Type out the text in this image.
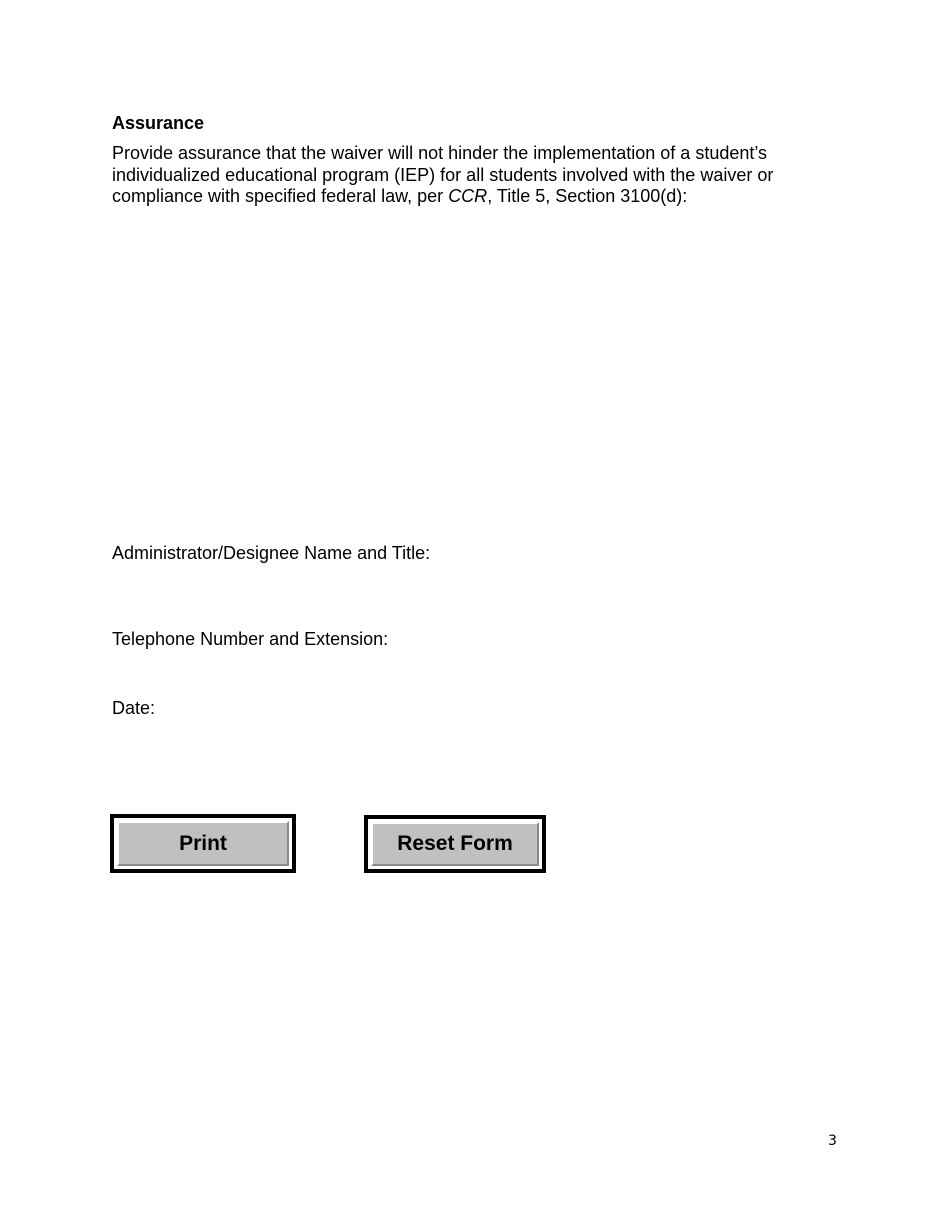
Assurance
Provide assurance that the waiver will not hinder the implementation of a student’s individualized educational program (IEP) for all students involved with the waiver or compliance with specified federal law, per CCR, Title 5, Section 3100(d):
Administrator/Designee Name and Title:
Telephone Number and Extension:
Date:
Print	Reset Form
3
